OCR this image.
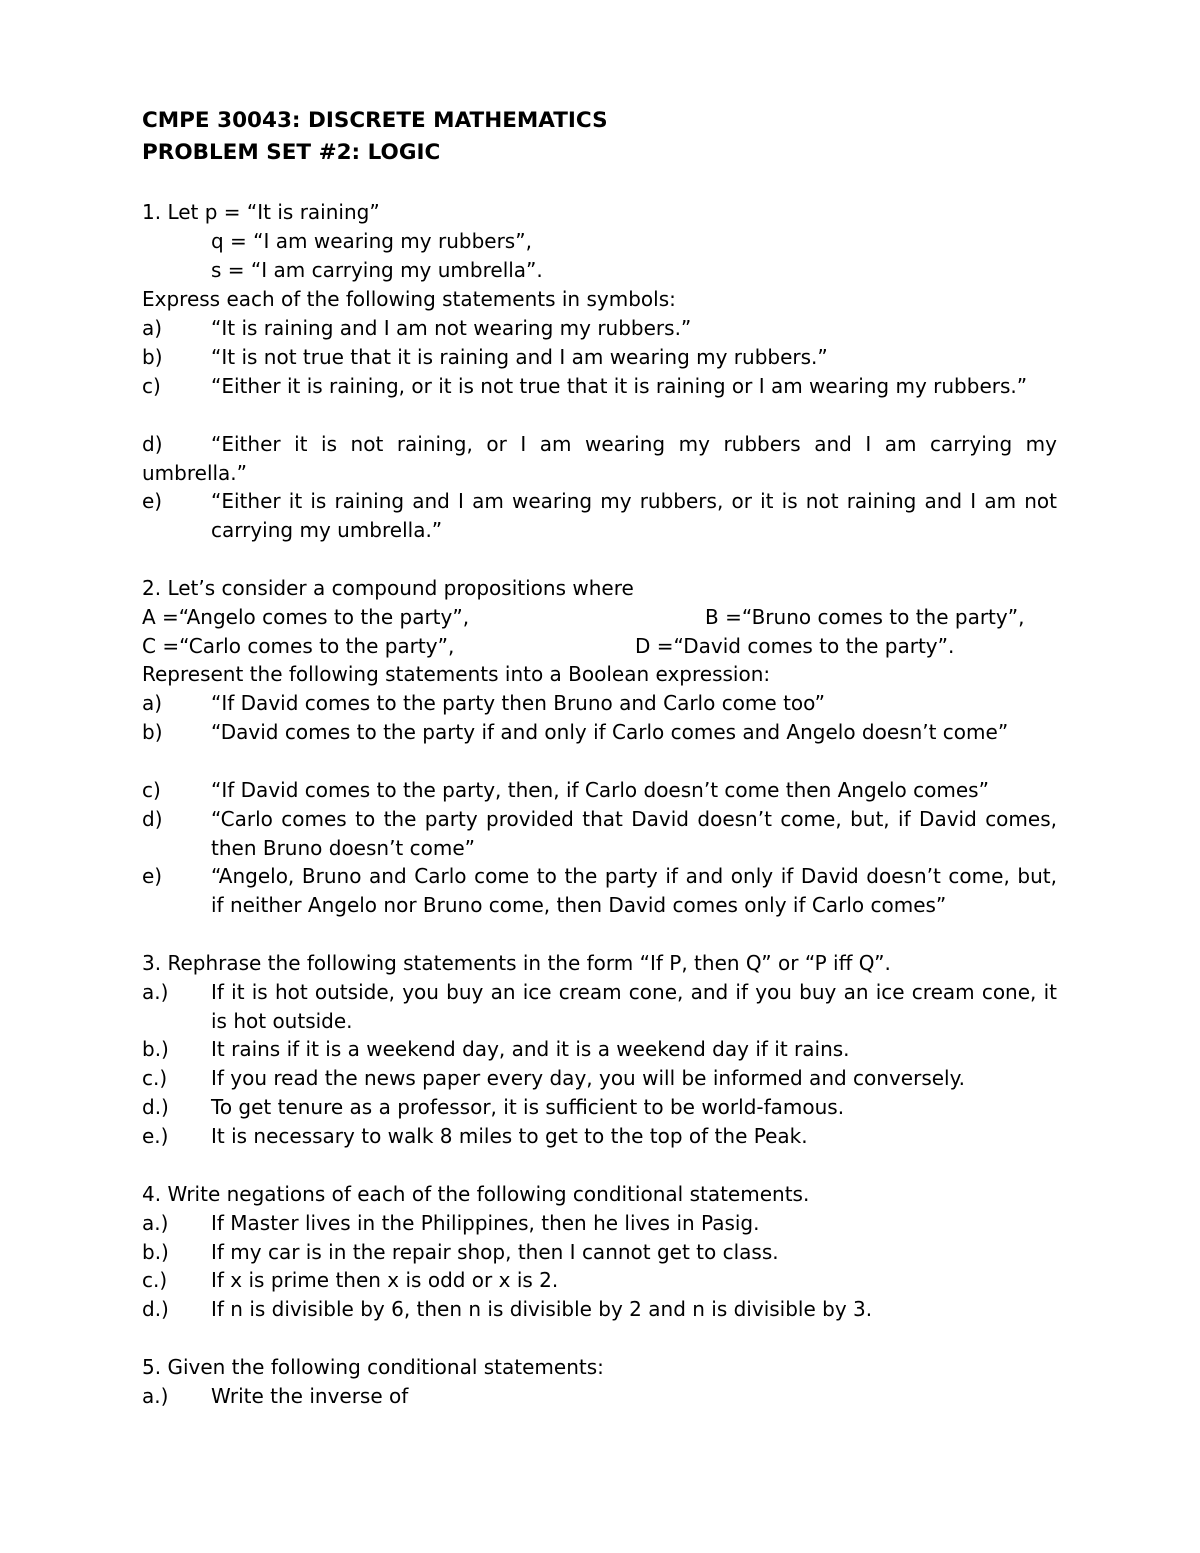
CMPE 30043: DISCRETE MATHEMATICS
PROBLEM SET #2: LOGIC
1. Let p = “It is raining”
q = “I am wearing my rubbers”,
s = “I am carrying my umbrella”.
Express each of the following statements in symbols:
a) “It is raining and I am not wearing my rubbers.”
b) “It is not true that it is raining and I am wearing my rubbers.”
c)	“Either it is raining, or it is not true that it is raining or I am wearing my rubbers.”
d)	“Either it is not raining, or I am wearing my rubbers and I am carrying my umbrella.”
e) “Either it is raining and I am wearing my rubbers, or it is not raining and I am not carrying my umbrella.”
2. Let’s consider a compound propositions where
A =“Angelo comes to the party”,	B =“Bruno comes to the party”,
C =“Carlo comes to the party”,	D =“David comes to the party”.
Represent the following statements into a Boolean expression:
a) “If David comes to the party then Bruno and Carlo come too”
b)	“David comes to the party if and only if Carlo comes and Angelo doesn’t come”
c)	“If David comes to the party, then, if Carlo doesn’t come then Angelo comes”
d) “Carlo comes to the party provided that David doesn’t come, but, if David comes, then Bruno doesn’t come”
e) “Angelo, Bruno and Carlo come to the party if and only if David doesn’t come, but, if neither Angelo nor Bruno come, then David comes only if Carlo comes”
3. Rephrase the following statements in the form “If P, then Q” or “P iff Q”.
a.) If it is hot outside, you buy an ice cream cone, and if you buy an ice cream cone, it is hot outside.
b.) It rains if it is a weekend day, and it is a weekend day if it rains.
c.) If you read the news paper every day, you will be informed and conversely.
d.) To get tenure as a professor, it is sufficient to be world-famous.
e.) It is necessary to walk 8 miles to get to the top of the Peak.
4. Write negations of each of the following conditional statements.
a.) If Master lives in the Philippines, then he lives in Pasig.
b.) If my car is in the repair shop, then I cannot get to class.
c.) If x is prime then x is odd or x is 2.
d.) If n is divisible by 6, then n is divisible by 2 and n is divisible by 3.
5. Given the following conditional statements:
a.) Write the inverse of
